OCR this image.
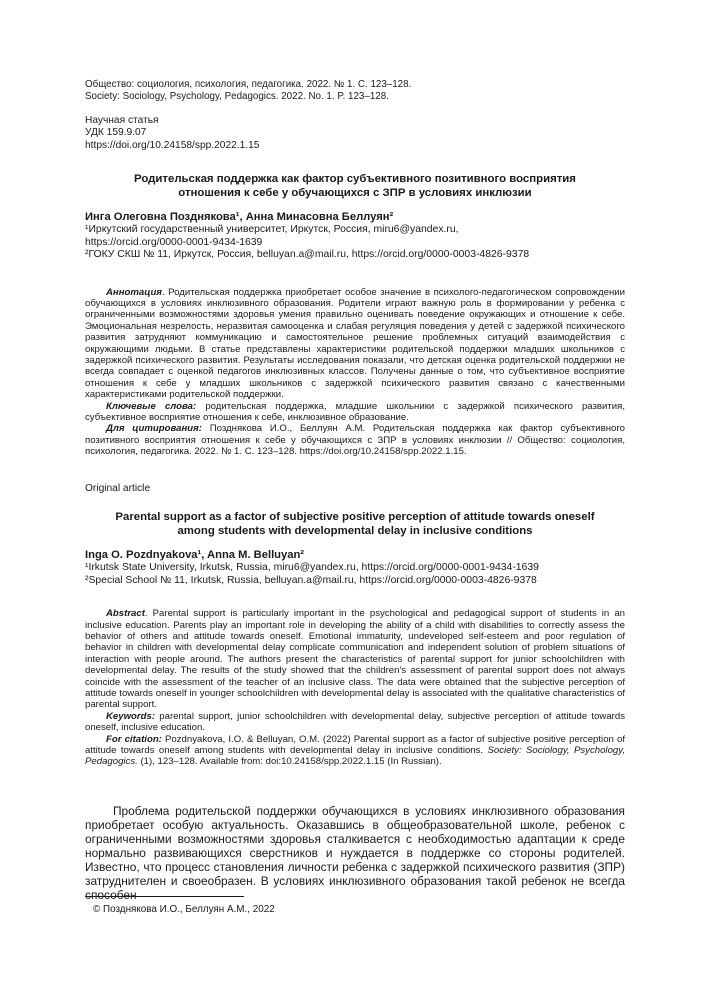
Общество: социология, психология, педагогика. 2022. № 1. С. 123–128.

Society: Sociology, Psychology, Pedagogics. 2022. No. 1. P. 123–128.

Научная статья

УДК 159.9.07

https://doi.org/10.24158/spp.2022.1.15

Родительская поддержка как фактор субъективного позитивного восприятия отношения к себе у обучающихся с ЗПР в условиях инклюзии

Инга Олеговна Позднякова¹, Анна Минасовна Беллуян²

¹Иркутский государственный университет, Иркутск, Россия, miru6@yandex.ru,

https://orcid.org/0000-0001-9434-1639

²ГОКУ СКШ № 11, Иркутск, Россия, belluyan.a@mail.ru, https://orcid.org/0000-0003-4826-9378

Аннотация. Родительская поддержка приобретает особое значение в психолого-педагогическом сопровождении обучающихся в условиях инклюзивного образования. Родители играют важную роль в формировании у ребенка с ограниченными возможностями здоровья умения правильно оценивать поведение окружающих и отношение к себе. Эмоциональная незрелость, неразвитая самооценка и слабая регуляция поведения у детей с задержкой психического развития затрудняют коммуникацию и самостоятельное решение проблемных ситуаций взаимодействия с окружающими людьми. В статье представлены характеристики родительской поддержки младших школьников с задержкой психического развития. Результаты исследования показали, что детская оценка родительской поддержки не всегда совпадает с оценкой педагогов инклюзивных классов. Получены данные о том, что субъективное восприятие отношения к себе у младших школьников с задержкой психического развития связано с качественными характеристиками родительской поддержки.

Ключевые слова: родительская поддержка, младшие школьники с задержкой психического развития, субъективное восприятие отношения к себе, инклюзивное образование.

Для цитирования: Позднякова И.О., Беллуян А.М. Родительская поддержка как фактор субъективного позитивного восприятия отношения к себе у обучающихся с ЗПР в условиях инклюзии // Общество: социология, психология, педагогика. 2022. № 1. С. 123–128. https://doi.org/10.24158/spp.2022.1.15.

Original article

Parental support as a factor of subjective positive perception of attitude towards oneself among students with developmental delay in inclusive conditions

Inga O. Pozdnyakova¹, Anna M. Belluyan²

¹Irkutsk State University, Irkutsk, Russia, miru6@yandex.ru, https://orcid.org/0000-0001-9434-1639

²Special School № 11, Irkutsk, Russia, belluyan.a@mail.ru, https://orcid.org/0000-0003-4826-9378

Abstract. Parental support is particularly important in the psychological and pedagogical support of students in an inclusive education. Parents play an important role in developing the ability of a child with disabilities to correctly assess the behavior of others and attitude towards oneself. Emotional immaturity, undeveloped self-esteem and poor regulation of behavior in children with developmental delay complicate communication and independent solution of problem situations of interaction with people around. The authors present the characteristics of parental support for junior schoolchildren with developmental delay. The results of the study showed that the children's assessment of parental support does not always coincide with the assessment of the teacher of an inclusive class. The data were obtained that the subjective perception of attitude towards oneself in younger schoolchildren with developmental delay is associated with the qualitative characteristics of parental support.

Keywords: parental support, junior schoolchildren with developmental delay, subjective perception of attitude towards oneself, inclusive education.

For citation: Pozdnyakova, I.O. & Belluyan, O.M. (2022) Parental support as a factor of subjective positive perception of attitude towards oneself among students with developmental delay in inclusive conditions. Society: Sociology, Psychology, Pedagogics. (1), 123–128. Available from: doi:10.24158/spp.2022.1.15 (In Russian).

Проблема родительской поддержки обучающихся в условиях инклюзивного образования приобретает особую актуальность. Оказавшись в общеобразовательной школе, ребенок с ограниченными возможностями здоровья сталкивается с необходимостью адаптации к среде нормально развивающихся сверстников и нуждается в поддержке со стороны родителей. Известно, что процесс становления личности ребенка с задержкой психического развития (ЗПР) затруднителен и своеобразен. В условиях инклюзивного образования такой ребенок не всегда способен

© Позднякова И.О., Беллуян А.М., 2022
